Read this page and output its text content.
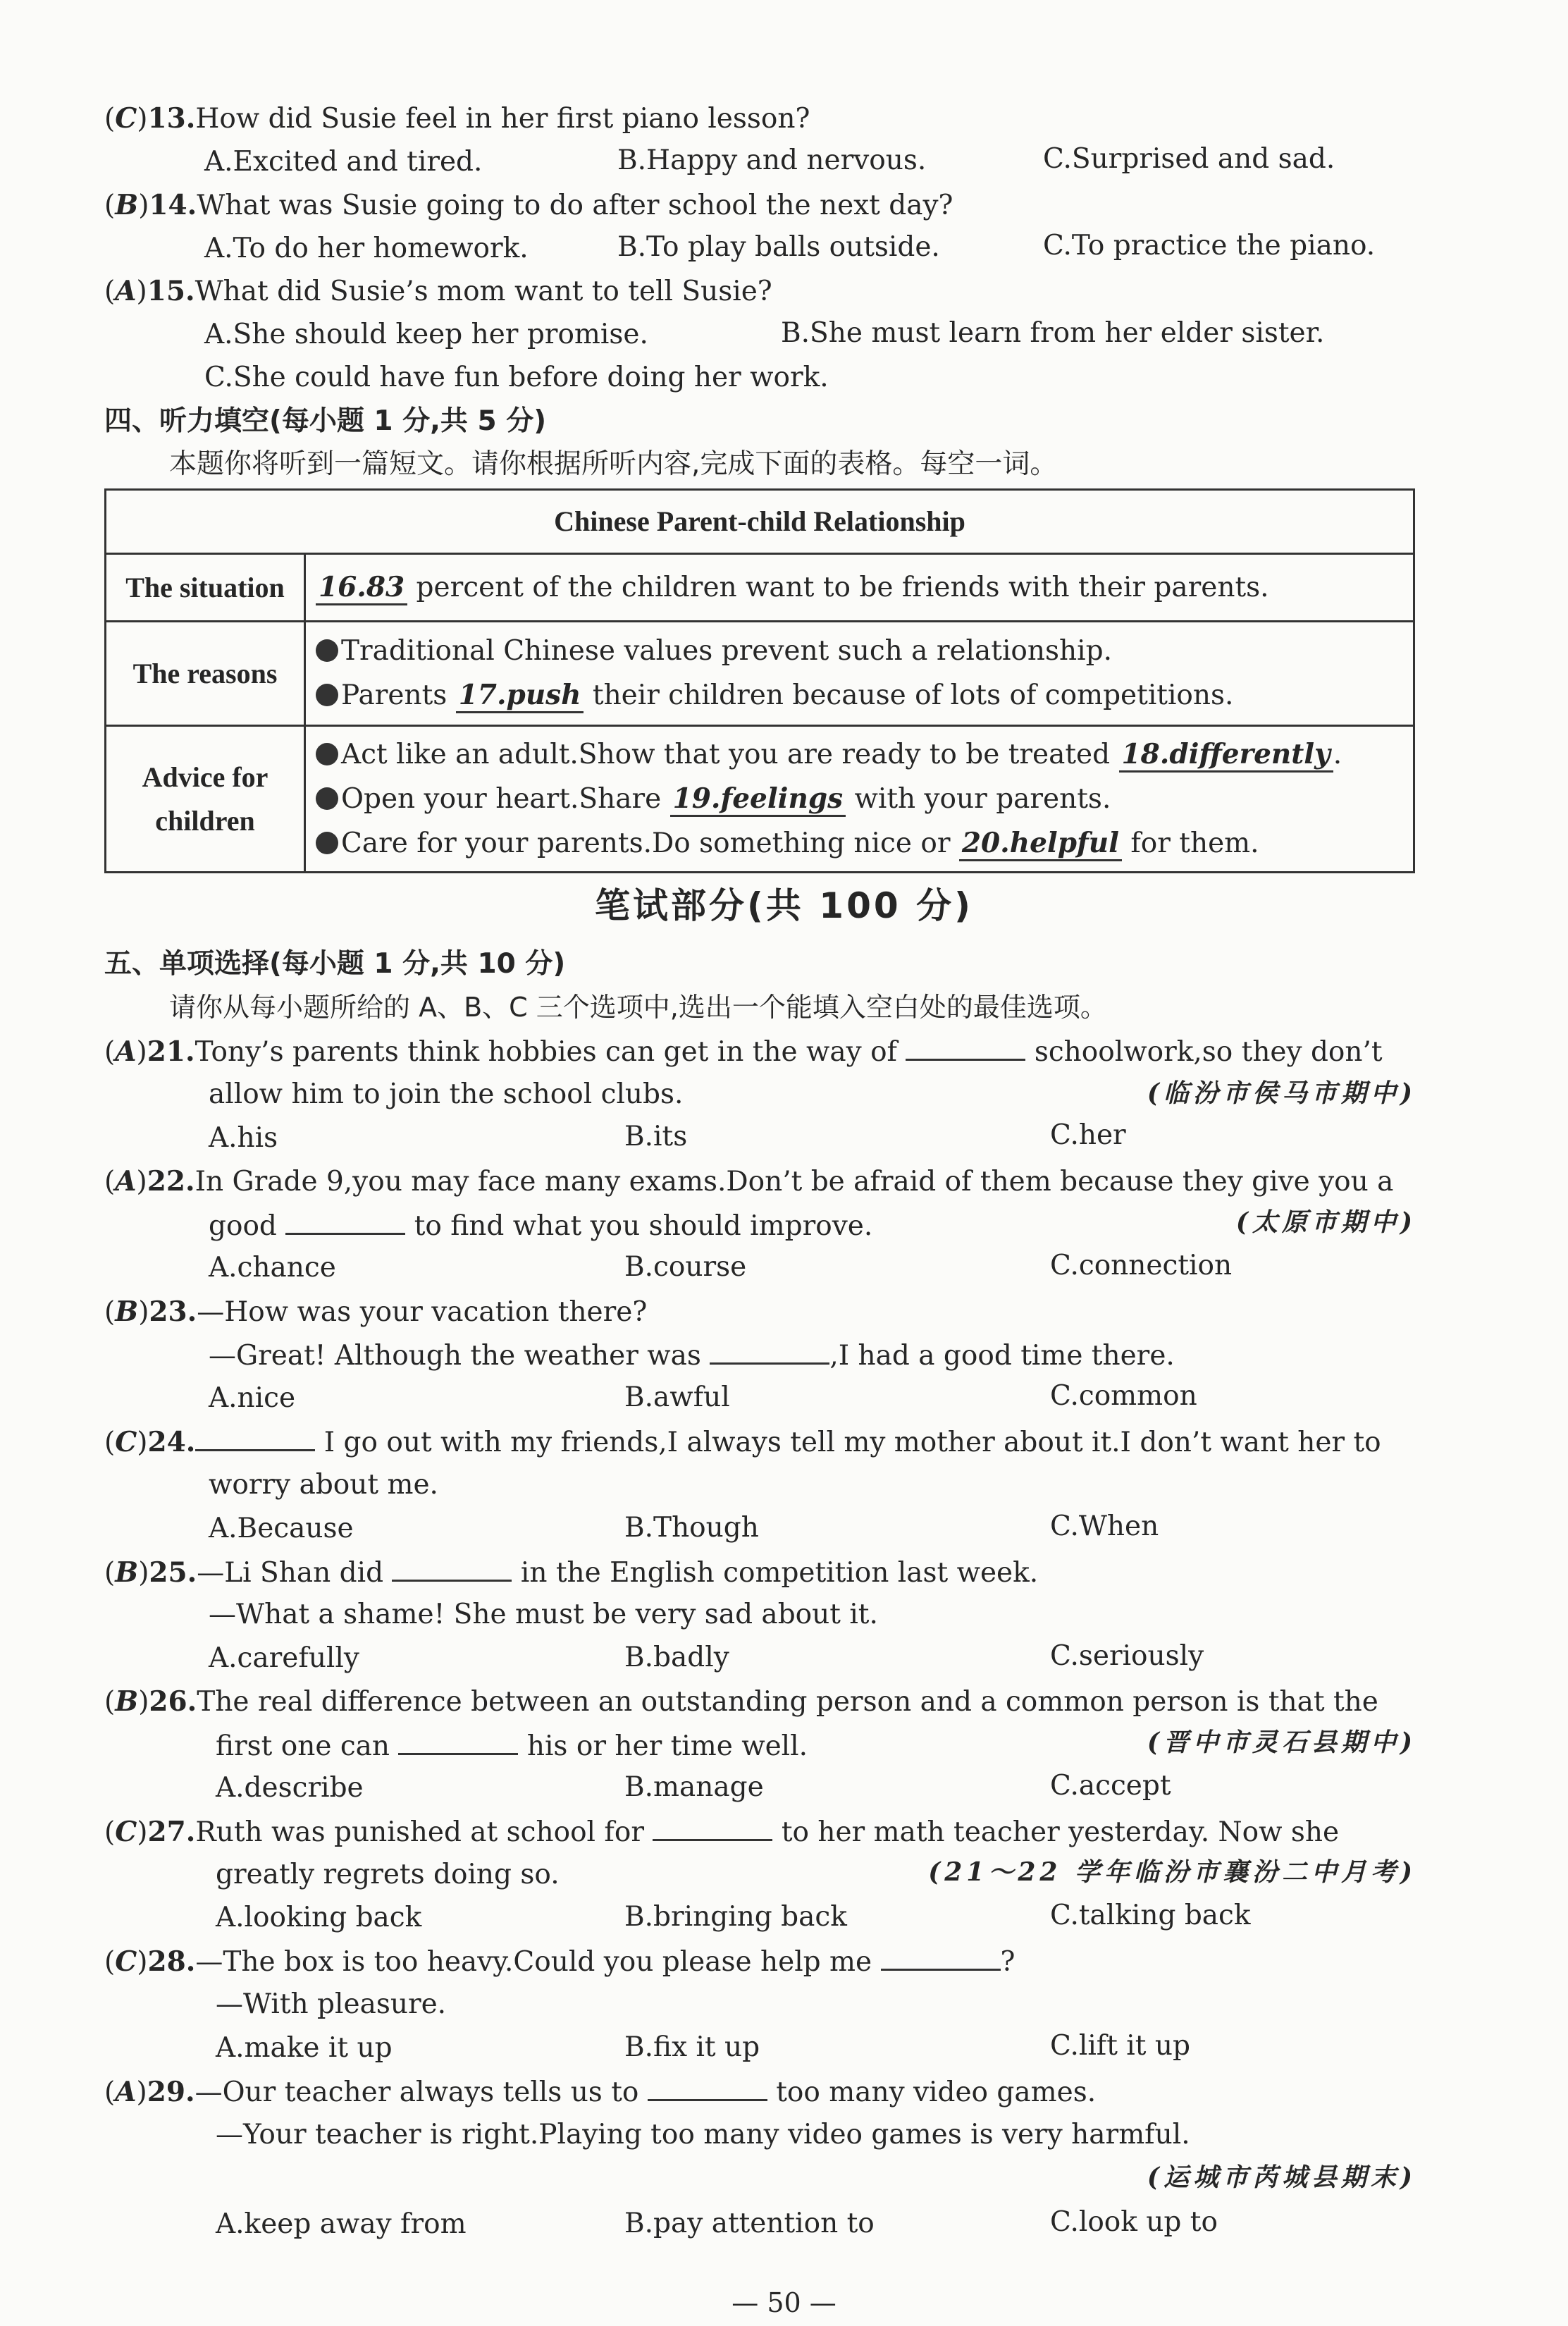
(C)13.How did Susie feel in her first piano lesson?
A.Excited and tired.	B.Happy and nervous.	C.Surprised and sad.
(B)14.What was Susie going to do after school the next day?
A.To do her homework.	B.To play balls outside.	C.To practice the piano.
(A)15.What did Susie’s mom want to tell Susie?
A.She should keep her promise.	B.She must learn from her elder sister.
C.She could have fun before doing her work.
四、听力填空(每小题 1 分,共 5 分)
本题你将听到一篇短文。请你根据所听内容,完成下面的表格。每空一词。
Chinese Parent-child Relationship	
The situation	16.83 percent of the children want to be friends with their parents.

The reasons	Traditional Chinese values prevent such a relationship.
Parents 17.push their children because of lots of competitions.

Advice for
children	Act like an adult.Show that you are ready to be treated 18.differently .
Open your heart.Share 19.feelings with your parents.
Care for your parents.Do something nice or 20.helpful for them.
笔试部分(共 100 分)
五、单项选择(每小题 1 分,共 10 分)
请你从每小题所给的 A、B、C 三个选项中,选出一个能填入空白处的最佳选项。
(A)21.Tony’s parents think hobbies can get in the way of	schoolwork,so they don’t
allow him to join the school clubs.	(临汾市侯马市期中)
A.his	B.its	C.her
(A)22.In Grade 9,you may face many exams.Don’t be afraid of them because they give you a
good	to find what you should improve.	(太原市期中)
A.chance	B.course	C.connection
(B)23.—How was your vacation there?
—Great! Although the weather was	,I had a good time there.
A.nice	B.awful	C.common
(C)24.	I go out with my friends,I always tell my mother about it.I don’t want her to
worry about me.
A.Because	B.Though	C.When
(B)25.—Li Shan did	in the English competition last week.
—What a shame! She must be very sad about it.
A.carefully	B.badly	C.seriously
(B)26.The real difference between an outstanding person and a common person is that the
first one can	his or her time well.	(晋中市灵石县期中)
A.describe	B.manage	C.accept
(C)27.Ruth was punished at school for	to her math teacher yesterday. Now she
greatly regrets doing so.	(21～22 学年临汾市襄汾二中月考)
A.looking back	B.bringing back	C.talking back
(C)28.—The box is too heavy.Could you please help me	?
—With pleasure.
A.make it up	B.fix it up	C.lift it up
(A)29.—Our teacher always tells us to	too many video games.
—Your teacher is right.Playing too many video games is very harmful.
(运城市芮城县期末)
A.keep away from	B.pay attention to	C.look up to
— 50 —
